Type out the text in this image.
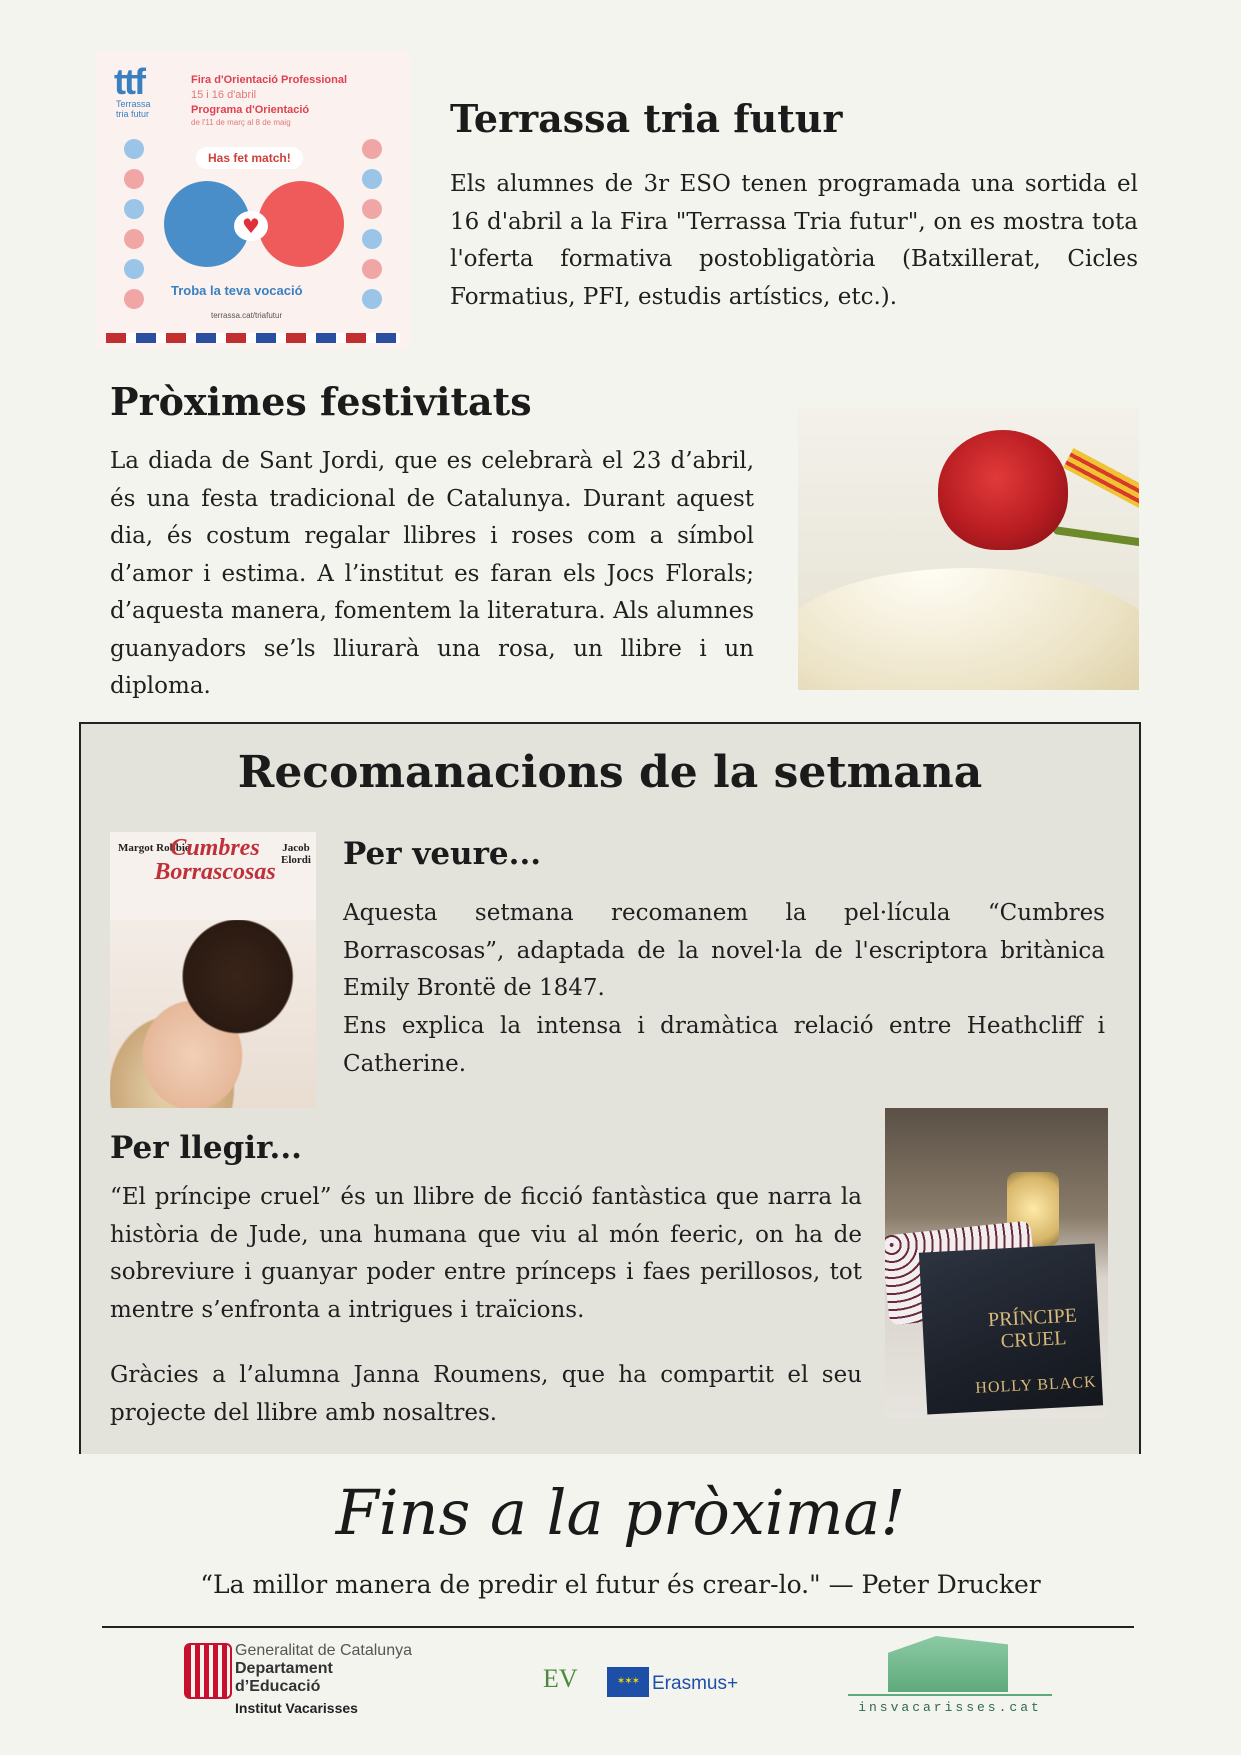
ttf
Terrassa tria futur
Fira d'Orientació Professional
15 i 16 d'abril
Programa d'Orientació
de l'11 de març al 8 de maig
Has fet match!
♥
Troba la teva vocació
terrassa.cat/triafutur
Terrassa tria futur

Els alumnes de 3r ESO tenen programada una sortida el 16 d'abril a la Fira "Terrassa Tria futur", on es mostra tota l'oferta formativa postobligatòria (Batxillerat, Cicles Formatius, PFI, estudis artístics, etc.).

Pròximes festivitats

La diada de Sant Jordi, que es celebrarà el 23 d’abril, és una festa tradicional de Catalunya. Durant aquest dia, és costum regalar llibres i roses com a símbol d’amor i estima. A l’institut es faran els Jocs Florals; d’aquesta manera, fomentem la literatura. Als alumnes guanyadors se’ls lliurarà una rosa, un llibre i un diploma.

Recomanacions de la setmana
Margot Robbie
Cumbres Borrascosas
Jacob Elordi Per veure...

Aquesta setmana recomanem la pel·lícula “Cumbres Borrascosas”, adaptada de la novel·la de l'escriptora britànica Emily Brontë de 1847.

Ens explica la intensa i dramàtica relació entre Heathcliff i Catherine.

Per llegir...

“El príncipe cruel” és un llibre de ficció fantàstica que narra la història de Jude, una humana que viu al món feeric, on ha de sobreviure i guanyar poder entre prínceps i faes perillosos, tot mentre s’enfronta a intrigues i traïcions.

Gràcies a l’alumna Janna Roumens, que ha compartit el seu projecte del llibre amb nosaltres.

PRÍNCIPE CRUEL
HOLLY BLACK
Fins a la pròxima!
“La millor manera de predir el futur és crear-lo." — Peter Drucker
Generalitat de Catalunya
Departament
d’Educació
Institut Vacarisses
EV	✶✶✶ Erasmus+
insvacarisses.cat
